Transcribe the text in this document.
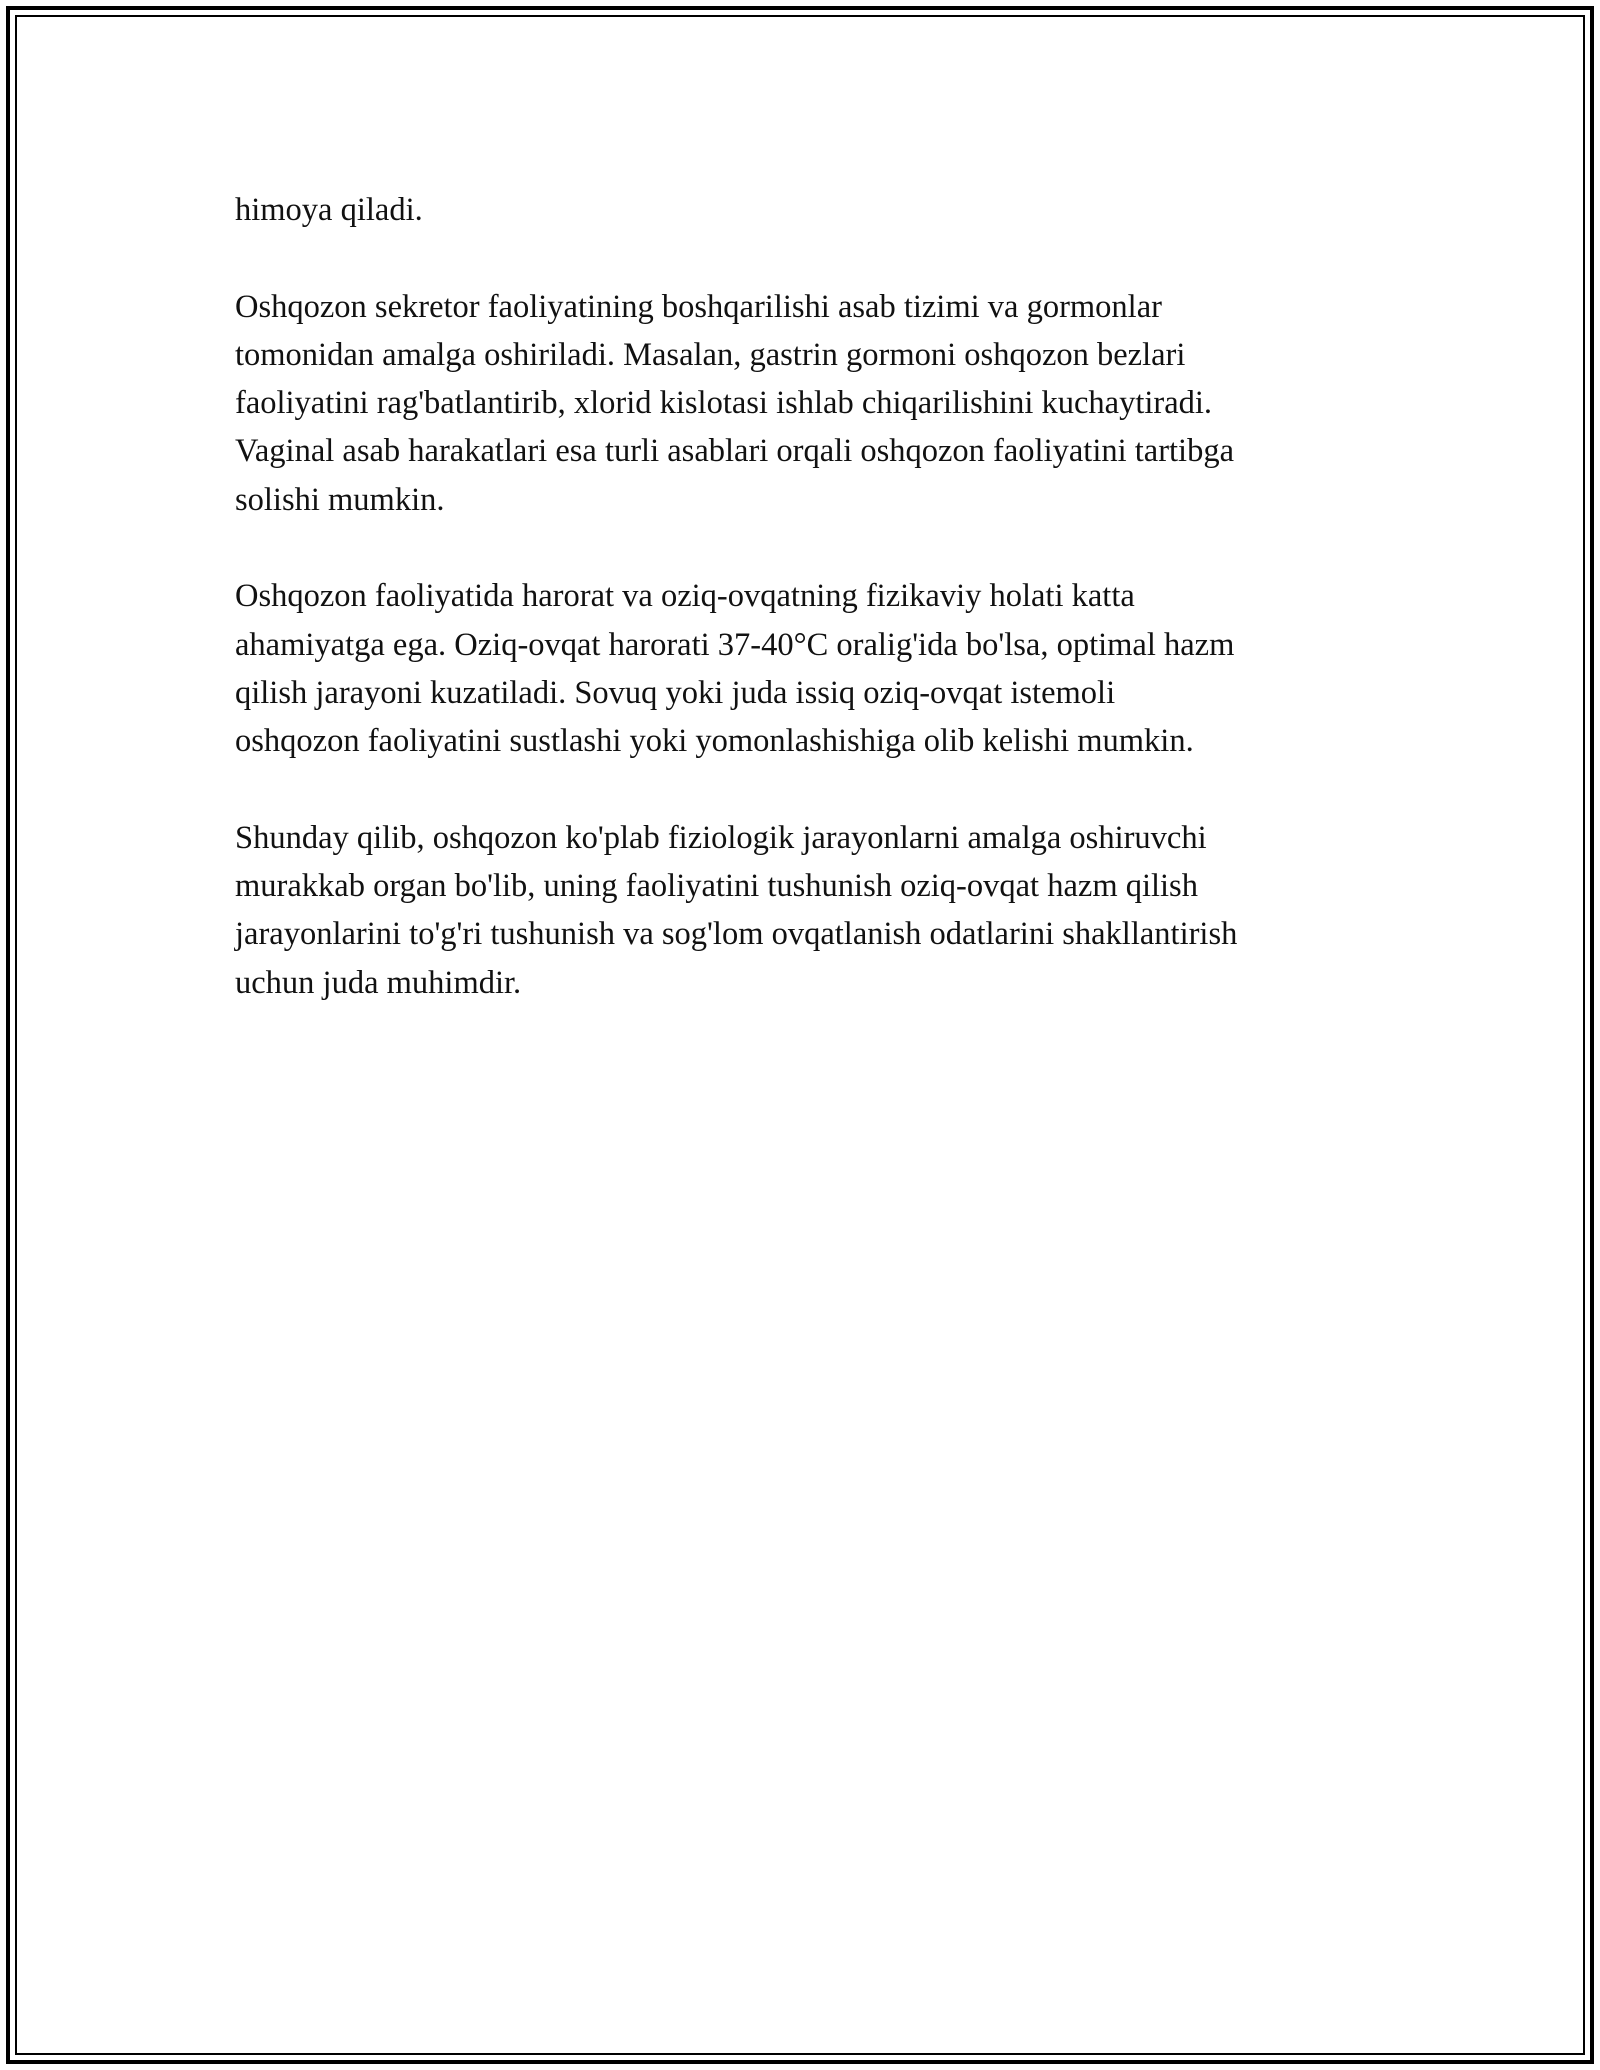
himoya qiladi.

Oshqozon sekretor faoliyatining boshqarilishi asab tizimi va gormonlar
tomonidan amalga oshiriladi. Masalan, gastrin gormoni oshqozon bezlari
faoliyatini rag'batlantirib, xlorid kislotasi ishlab chiqarilishini kuchaytiradi.
Vaginal asab harakatlari esa turli asablari orqali oshqozon faoliyatini tartibga
solishi mumkin.

Oshqozon faoliyatida harorat va oziq-ovqatning fizikaviy holati katta
ahamiyatga ega. Oziq-ovqat harorati 37-40°C oralig'ida bo'lsa, optimal hazm
qilish jarayoni kuzatiladi. Sovuq yoki juda issiq oziq-ovqat istemoli
oshqozon faoliyatini sustlashi yoki yomonlashishiga olib kelishi mumkin.

Shunday qilib, oshqozon ko'plab fiziologik jarayonlarni amalga oshiruvchi
murakkab organ bo'lib, uning faoliyatini tushunish oziq-ovqat hazm qilish
jarayonlarini to'g'ri tushunish va sog'lom ovqatlanish odatlarini shakllantirish
uchun juda muhimdir.
